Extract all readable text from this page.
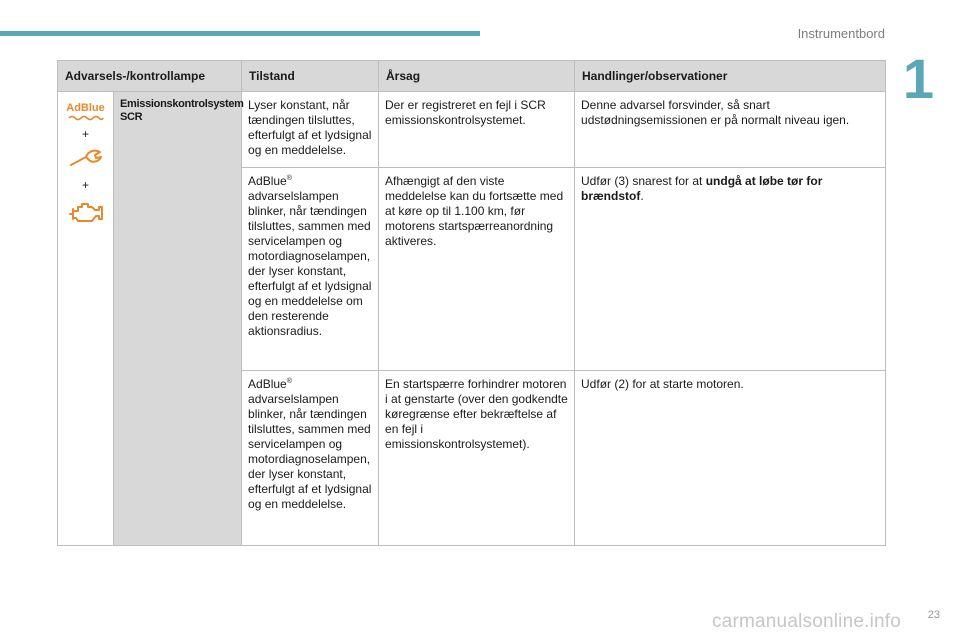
Instrumentbord
1
Advarsels-/kontrollampe		Tilstand	Årsag	Handlinger/observationer

AdBlue
+
+	Emissionskontrolsystem SCR	Lyser konstant, når tændingen tilsluttes, efterfulgt af et lydsignal og en meddelelse.	Der er registreret en fejl i SCR emissionskontrolsystemet.	Denne advarsel forsvinder, så snart udstødningsemissionen er på normalt niveau igen.
		AdBlue® advarselslampen blinker, når tændingen tilsluttes, sammen med servicelampen og motordiagnoselampen, der lyser konstant, efterfulgt af et lydsignal og en meddelelse om den resterende aktionsradius.	Afhængigt af den viste meddelelse kan du fortsætte med at køre op til 1.100 km, før motorens startspærreanordning aktiveres.	Udfør (3) snarest for at undgå at løbe tør for brændstof.
		AdBlue® advarselslampen blinker, når tændingen tilsluttes, sammen med servicelampen og motordiagnoselampen, der lyser konstant, efterfulgt af et lydsignal og en meddelelse.	En startspærre forhindrer motoren i at genstarte (over den godkendte køregrænse efter bekræftelse af en fejl i emissionskontrolsystemet).	Udfør (2) for at starte motoren.
carmanualsonline.info 23
